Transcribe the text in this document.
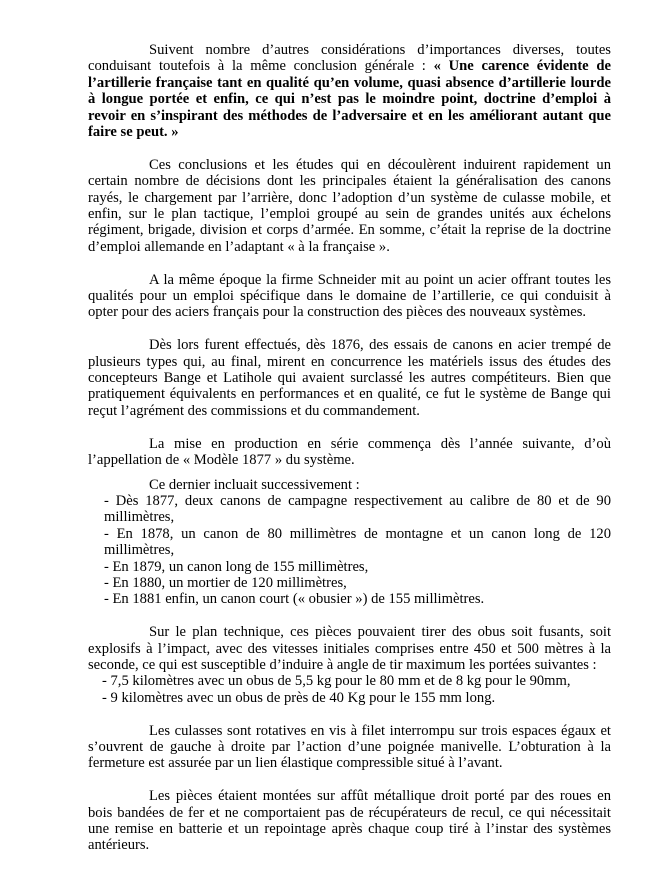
Suivent nombre d’autres considérations d’importances diverses, toutes conduisant toutefois à la même conclusion générale : « Une carence évidente de l’artillerie française tant en qualité qu’en volume, quasi absence d’artillerie lourde à longue portée et enfin, ce qui n’est pas le moindre point, doctrine d’emploi à revoir en s’inspirant des méthodes de l’adversaire et en les améliorant autant que faire se peut. »

Ces conclusions et les études qui en découlèrent induirent rapidement un certain nombre de décisions dont les principales étaient la généralisation des canons rayés, le chargement par l’arrière, donc l’adoption d’un système de culasse mobile, et enfin, sur le plan tactique, l’emploi groupé au sein de grandes unités aux échelons régiment, brigade, division et corps d’armée. En somme, c’était la reprise de la doctrine d’emploi allemande en l’adaptant « à la française ».

A la même époque la firme Schneider mit au point un acier offrant toutes les qualités pour un emploi spécifique dans le domaine de l’artillerie, ce qui conduisit à opter pour des aciers français pour la construction des pièces des nouveaux systèmes.

Dès lors furent effectués, dès 1876, des essais de canons en acier trempé de plusieurs types qui, au final, mirent en concurrence les matériels issus des études des concepteurs Bange et Latihole qui avaient surclassé les autres compétiteurs. Bien que pratiquement équivalents en performances et en qualité, ce fut le système de Bange qui reçut l’agrément des commissions et du commandement.

La mise en production en série commença dès l’année suivante, d’où l’appellation de « Modèle 1877 » du système.

Ce dernier incluait successivement :

- Dès 1877, deux canons de campagne respectivement au calibre de 80 et de 90 millimètres,

- En 1878, un canon de 80 millimètres de montagne et un canon long de 120 millimètres,

- En 1879, un canon long de 155 millimètres,

- En 1880, un mortier de 120 millimètres,

- En 1881 enfin, un canon court (« obusier ») de 155 millimètres.

Sur le plan technique, ces pièces pouvaient tirer des obus soit fusants, soit explosifs à l’impact, avec des vitesses initiales comprises entre 450 et 500 mètres à la seconde, ce qui est susceptible d’induire à angle de tir maximum les portées suivantes :

- 7,5 kilomètres avec un obus de 5,5 kg pour le 80 mm et de 8 kg pour le 90mm,

- 9 kilomètres avec un obus de près de 40 Kg pour le 155 mm long.

Les culasses sont rotatives en vis à filet interrompu sur trois espaces égaux et s’ouvrent de gauche à droite par l’action d’une poignée manivelle. L’obturation à la fermeture est assurée par un lien élastique compressible situé à l’avant.

Les pièces étaient montées sur affût métallique droit porté par des roues en bois bandées de fer et ne comportaient pas de récupérateurs de recul, ce qui nécessitait une remise en batterie et un repointage après chaque coup tiré à l’instar des systèmes antérieurs.
